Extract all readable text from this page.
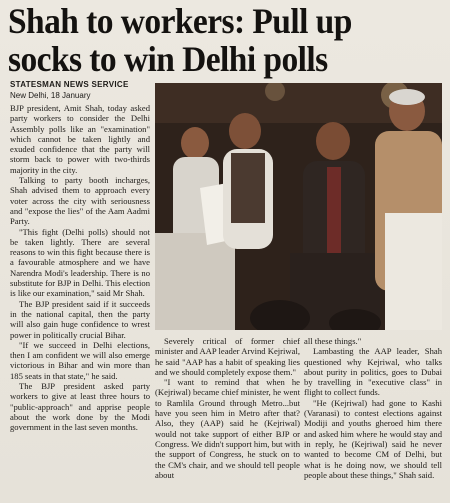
Shah to workers: Pull up socks to win Delhi polls
STATESMAN NEWS SERVICE
New Delhi, 18 January

BJP president, Amit Shah, today asked party workers to consider the Delhi Assembly polls like an "examination" which cannot be taken lightly and exuded confidence that the party will storm back to power with two-thirds majority in the city.

Talking to party booth incharges, Shah advised them to approach every voter across the city with seriousness and "expose the lies" of the Aam Aadmi Party.

"This fight (Delhi polls) should not be taken lightly. There are several reasons to win this fight because there is a favourable atmosphere and we have Narendra Modi's leadership. There is no substitute for BJP in Delhi. This election is like our examination," said Mr Shah.

The BJP president said if it succeeds in the national capital, then the party will also gain huge confidence to wrest power in politically crucial Bihar.

"If we succeed in Delhi elections, then I am confident we will also emerge victorious in Bihar and win more than 185 seats in that state," he said.

The BJP president asked party workers to give at least three hours to "public-approach" and apprise people about the work done by the Modi government in the last seven months.

Severely critical of former chief minister and AAP leader Arvind Kejriwal, he said "AAP has a habit of speaking lies and we should completely expose them."

"I want to remind that when he (Kejriwal) became chief minister, he went to Ramlila Ground through Metro...but have you seen him in Metro after that? Also, they (AAP) said he (Kejriwal) would not take support of either BJP or Congress. We didn't support him, but with the support of Congress, he stuck on to the CM's chair, and we should tell people about

all these things."

Lambasting the AAP leader, Shah questioned why Kejriwal, who talks about purity in politics, goes to Dubai by travelling in "executive class" in flight to collect funds.

"He (Kejriwal) had gone to Kashi (Varanasi) to contest elections against Modiji and youths ghеroed him there and asked him where he would stay and in reply, he (Kejriwal) said he never wanted to become CM of Delhi, but what is he doing now, we should tell people about these things," Shah said.
